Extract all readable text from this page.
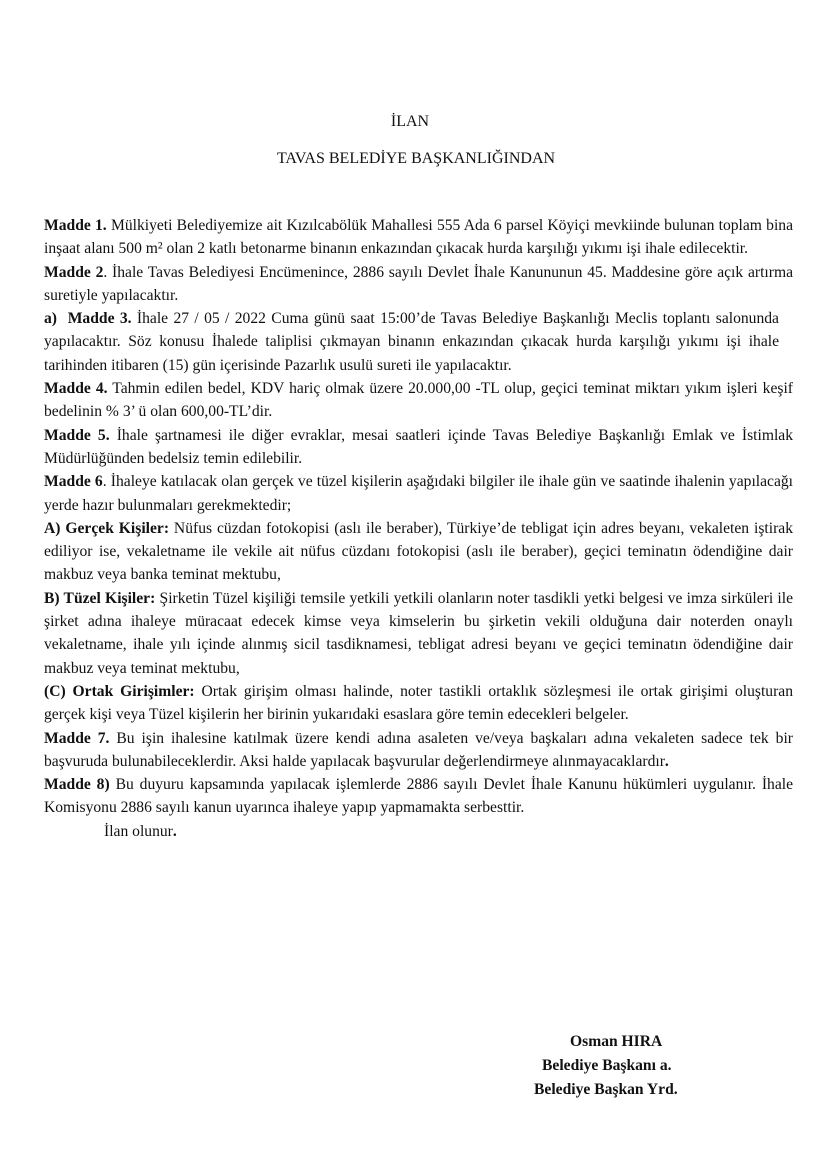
İLAN
TAVAS BELEDİYE BAŞKANLIĞINDAN

Madde 1. Mülkiyeti Belediyemize ait Kızılcabölük Mahallesi 555 Ada 6 parsel Köyiçi mevkiinde bulunan toplam bina inşaat alanı 500 m² olan 2 katlı betonarme binanın enkazından çıkacak hurda karşılığı yıkımı işi ihale edilecektir.

Madde 2. İhale Tavas Belediyesi Encümenince, 2886 sayılı Devlet İhale Kanununun 45. Maddesine göre açık artırma suretiyle yapılacaktır.

a)  Madde 3. İhale 27 / 05 / 2022 Cuma günü saat 15:00’de Tavas Belediye Başkanlığı Meclis toplantı salonunda yapılacaktır. Söz konusu İhalede taliplisi çıkmayan binanın enkazından çıkacak hurda karşılığı yıkımı işi ihale tarihinden itibaren (15) gün içerisinde Pazarlık usulü sureti ile yapılacaktır.

Madde 4. Tahmin edilen bedel, KDV hariç olmak üzere 20.000,00 -TL olup, geçici teminat miktarı yıkım işleri keşif bedelinin % 3’ ü olan 600,00-TL’dir.

Madde 5. İhale şartnamesi ile diğer evraklar, mesai saatleri içinde Tavas Belediye Başkanlığı Emlak ve İstimlak Müdürlüğünden bedelsiz temin edilebilir.

Madde 6. İhaleye katılacak olan gerçek ve tüzel kişilerin aşağıdaki bilgiler ile ihale gün ve saatinde ihalenin yapılacağı yerde hazır bulunmaları gerekmektedir;

A) Gerçek Kişiler: Nüfus cüzdan fotokopisi (aslı ile beraber), Türkiye’de tebligat için adres beyanı, vekaleten iştirak ediliyor ise, vekaletname ile vekile ait nüfus cüzdanı fotokopisi (aslı ile beraber), geçici teminatın ödendiğine dair makbuz veya banka teminat mektubu,

B) Tüzel Kişiler: Şirketin Tüzel kişiliği temsile yetkili yetkili olanların noter tasdikli yetki belgesi ve imza sirküleri ile şirket adına ihaleye müracaat edecek kimse veya kimselerin bu şirketin vekili olduğuna dair noterden onaylı vekaletname, ihale yılı içinde alınmış sicil tasdiknamesi, tebligat adresi beyanı ve geçici teminatın ödendiğine dair makbuz veya teminat mektubu,

(C) Ortak Girişimler: Ortak girişim olması halinde, noter tastikli ortaklık sözleşmesi ile ortak girişimi oluşturan gerçek kişi veya Tüzel kişilerin her birinin yukarıdaki esaslara göre temin edecekleri belgeler.

Madde 7. Bu işin ihalesine katılmak üzere kendi adına asaleten ve/veya başkaları adına vekaleten sadece tek bir başvuruda bulunabileceklerdir. Aksi halde yapılacak başvurular değerlendirmeye alınmayacaklardır.

Madde 8) Bu duyuru kapsamında yapılacak işlemlerde 2886 sayılı Devlet İhale Kanunu hükümleri uygulanır. İhale Komisyonu 2886 sayılı kanun uyarınca ihaleye yapıp yapmamakta serbesttir.

İlan olunur.

Osman HIRA
Belediye Başkanı a.
Belediye Başkan Yrd.
